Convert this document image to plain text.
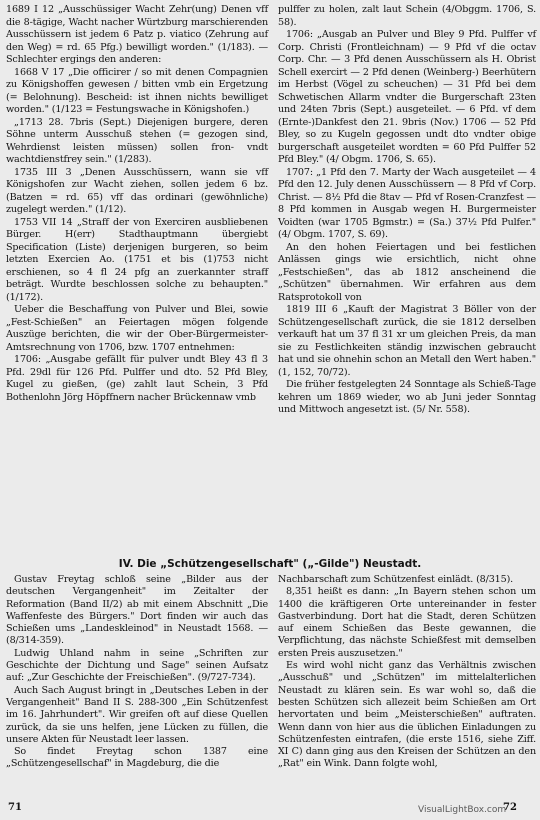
1689 I 12 „Ausschüssiger Wacht Zehr(ung) Denen vff die 8-tägige, Wacht nacher Würtzburg marschierenden Ausschüssern ist jedem 6 Patz p. viatico (Zehrung auf den Weg) = rd. 65 Pfg.) bewilligt worden." (1/183). — Schlechter ergings den anderen:

1668 V 17 „Die officirer / so mit denen Compagnien zu Königshoffen gewesen / bitten vmb ein Ergetzung (= Belohnung). Bescheid: ist ihnen nichts bewilliget worden." (1/123 = Festungswache in Königshofen.)

„1713 28. 7bris (Sept.) Diejenigen burgere, deren Söhne unterm Ausschuß stehen (= gezogen sind, Wehrdienst leisten müssen) sollen fron- vndt wachtdienstfrey sein." (1/283).

1735 III 3 „Denen Ausschüssern, wann sie vff Königshofen zur Wacht ziehen, sollen jedem 6 bz. (Batzen = rd. 65) vff das ordinari (gewöhnliche) zugelegt werden." (1/12).

1753 VII 14 „Straff der von Exerciren ausbliebenen Bürger. H(err) Stadthauptmann übergiebt Specification (Liste) derjenigen burgeren, so beim letzten Exercien Ao. (1751 et bis (1)753 nicht erschienen, so 4 fl 24 pfg an zuerkannter straff beträgt. Wurdte beschlossen solche zu behaupten." (1/172).

Ueber die Beschaffung von Pulver und Blei, sowie „Fest-Schießen" an Feiertagen mögen folgende Auszüge berichten, die wir der Ober-Bürgermeister-Amtsrechnung von 1706, bzw. 1707 entnehmen:

1706: „Ausgabe gefällt für pulver undt Bley 43 fl 3 Pfd. 29dl für 126 Pfd. Pulffer und dto. 52 Pfd Bley, Kugel zu gießen, (ge) zahlt laut Schein, 3 Pfd Bothenlohn Jörg Höpffnern nacher Brückennaw vmb

pulffer zu holen, zalt laut Schein (4/Obggm. 1706, S. 58).

1706: „Ausgab an Pulver und Bley 9 Pfd. Pulffer vf Corp. Christi (Frontleichnam) — 9 Pfd vf die octav Corp. Chr. — 3 Pfd denen Ausschüssern als H. Obrist Schell exercirt — 2 Pfd denen (Weinberg-) Beerhütern im Herbst (Vögel zu scheuchen) — 31 Pfd bei dem Schwetischen Allarm vndter die Burgerschaft 23ten und 24ten 7bris (Sept.) ausgeteilet. — 6 Pfd. vf dem (Ernte-)Dankfest den 21. 9bris (Nov.) 1706 — 52 Pfd Bley, so zu Kugeln gegossen undt dto vndter obige burgerschaft ausgeteilet wordten = 60 Pfd Pulffer 52 Pfd Bley." (4/ Obgm. 1706, S. 65).

1707: „1 Pfd den 7. Marty der Wach ausgeteilet — 4 Pfd den 12. July denen Ausschüssern — 8 Pfd vf Corp. Christ. — 8½ Pfd die 8tav — Pfd vf Rosen-Cranzfest — 8 Pfd kommen in Ausgab wegen H. Burgermeister Voidten (war 1705 Bgmstr.) = (Sa.) 37½ Pfd Pulfer." (4/ Obgm. 1707, S. 69).

An den hohen Feiertagen und bei festlichen Anlässen gings wie ersichtlich, nicht ohne „Festschießen", das ab 1812 anscheinend die „Schützen" übernahmen. Wir erfahren aus dem Ratsprotokoll von

1819 III 6 „Kauft der Magistrat 3 Böller von der Schützengesellschaft zurück, die sie 1812 derselben verkauft hat um 37 fl 31 xr um gleichen Preis, da man sie zu Festlichkeiten ständig inzwischen gebraucht hat und sie ohnehin schon an Metall den Wert haben." (1, 152, 70/72).

Die früher festgelegten 24 Sonntage als Schieß-Tage kehren um 1869 wieder, wo ab Juni jeder Sonntag und Mittwoch angesetzt ist. (5/ Nr. 558).

IV. Die „Schützengesellschaft" („-Gilde") Neustadt.

Gustav Freytag schloß seine „Bilder aus der deutschen Vergangenheit" im Zeitalter der Reformation (Band II/2) ab mit einem Abschnitt „Die Waffenfeste des Bürgers." Dort finden wir auch das Schießen ums „Landeskleinod" in Neustadt 1568. — (8/314-359).

Ludwig Uhland nahm in seine „Schriften zur Geschichte der Dichtung und Sage" seinen Aufsatz auf: „Zur Geschichte der Freischießen". (9/727-734).

Auch Sach August bringt in „Deutsches Leben in der Vergangenheit" Band II S. 288-300 „Ein Schützenfest im 16. Jahrhundert". Wir greifen oft auf diese Quellen zurück, da sie uns helfen, jene Lücken zu füllen, die unsere Akten für Neustadt leer lassen.

So findet Freytag schon 1387 eine „Schützengesellschaf" in Magdeburg, die die

Nachbarschaft zum Schützenfest einlädt. (8/315).

8,351 heißt es dann: „In Bayern stehen schon um 1400 die kräftigeren Orte untereinander in fester Gastverbindung. Dort hat die Stadt, deren Schützen auf einem Schießen das Beste gewannen, die Verpflichtung, das nächste Schießfest mit demselben ersten Preis auszusetzen."

Es wird wohl nicht ganz das Verhältnis zwischen „Ausschuß" und „Schützen" im mittelalterlichen Neustadt zu klären sein. Es war wohl so, daß die besten Schützen sich allezeit beim Schießen am Ort hervortaten und beim „Meisterschießen" auftraten. Wenn dann von hier aus die üblichen Einladungen zu Schützenfesten eintrafen, (die erste 1516, siehe Ziff. XI C) dann ging aus den Kreisen der Schützen an den „Rat" ein Wink. Dann folgte wohl,

71	72
VisualLightBox.com
